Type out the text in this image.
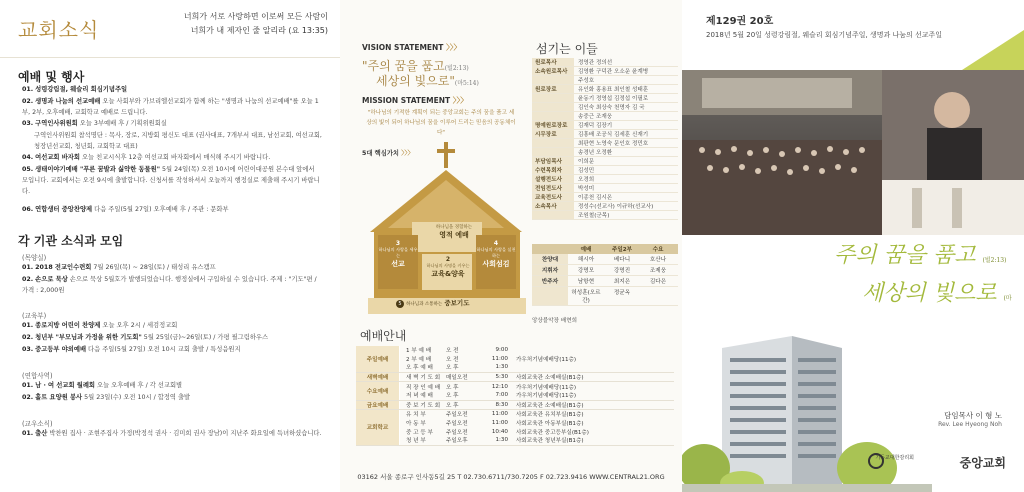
교회소식
너희가 서로 사랑하면 이로써 모든 사람이
너희가 내 제자인 줄 알리라 (요 13:35)
예배 및 행사
01. 성령강림절, 웨슬리 회심기념주일
02. 생명과 나눔의 선교예배 오늘 사회부와 가브리엘선교회가 함께 하는 "생명과 나눔의 선교예배"를 오늘 1부, 2부, 오후예배, 교회학교 예배로 드립니다.
03. 구역인사위원회 오늘 3부예배 후 / 기획위원회실
구역인사위원회 참석명단 : 목사, 장로, 지방회 평신도 대표 (권사대표, 7개부서 대표, 남선교회, 여선교회, 청장년선교회, 청년회, 교회학교 대표)
04. 여선교회 바자회 오늘 친교시식후 12층 여선교회 바자회에서 매식해 주시기 바랍니다.
05. 생태이야기예배 "푸른 꿈발과 싫약한 동물원" 5월 24일(목) 오전 10시에 어린이대공원 본수대 앞에서 모입니다. 교회에서는 오전 9시에 출발합니다. 신청서를 작성하셔서 오늘까지 행정실로 제출해 주시기 바랍니다.
06. 연합생터 중앙찬양제 다음 주일(5월 27일) 오후예배 후 / 주관 : 문화부
각 기관 소식과 모임
(목양실)
01. 2018 전교인수련회 7월 26일(목) ~ 28일(토) / 태성리 유스캠프
02. 손으로 묵상 손으로 묵상 5월호가 발행되었습니다. 행정실에서 구입하실 수 있습니다. 주제 : "기도"편 / 가격 : 2,000원
(교육부)
01. 종로지방 어린이 찬양제 오늘 오후 2시 / 세검정교회
02. 청년부 "부모님과 가정을 위한 기도회" 5월 25일(금)~26일(토) / 가평 필그림하우스
03. 중고등부 야외예배 다음 주일(5월 27일) 오전 10시 교회 출발 / 특성음원지
(연합사역)
01. 남 · 여 선교회 월례회 오늘 오후예배 후 / 각 선교회별
02. 홀트 요양원 봉사 5월 23일(수) 오전 10시 / 합정역 출발
(교우소식)
01. 출산 박찬원 집사 · 조현주집사 가정(박정석 권사 · 김미희 권사 장남)이 지난주 화요일에 득녀하셨습니다.
VISION STATEMENT 〉〉〉
"주의 꿈을 품고(빌2:13)
세상의 빛으로"(마5:14)
MISSION STATEMENT 〉〉〉
"하나님의 기적한 계획이 되는 중앙교회는 주의 꿈을 품고 세상의 빛이 되어 하나님의 꿈을 이루어 드리는 믿음의 공동체이다"
5대 핵심가치 〉〉〉
하나님을 경험하는
영적 예배
3
하나님의 사랑을 세우는
선교
2
하나님의 사명을 키우는
교육&양육
4
하나님의 사랑을 실천하는
사회섬김
5 하나님과 소통하는 중보기도
예배안내
주일예배
1 부 예 배	오 전	9:00
2 부 예 배	오 전	11:00	가우처기념예배당(11층)
오 후 예 배	오 후	1:30
새벽예배	새 벽 기 도 회	매일오전	5:30	사회교육관 소예배실(B1층)
수요예배
직 장 인 예 배	오 후	12:10	가우처기념예배당(11층)
저 녁 예 배	오 후	7:00	가우처기념예배당(11층)
금요예배	중 보 기 도 회	오 후	8:30	사회교육관 소예배실(B1층)
교회학교
유 치 부	주일오전	11:00	사회교육관 유치부실(B1층)
아 동 부	주일오전	11:00	사회교육관 아동부실(B1층)
중 고 등 부	주일오전	10:40	사회교육관 중고등부실(B1층)
청 년 부	주일오후	1:30	사회교육관 청년부실(B1층)
섬기는 이들
원로목사	정영관 정의선
소속원로목사	김영환 구덕관 오소운 윤계병
주성호
원로장로	유인화 홍용표 최인철 성태훈
윤동기 정영섭 김정섭 이필로
김인숙 최상숙 천명자 김 국
송중근 조재웅
명예원로장로	김재덕 김장기
시무장로	김흥배 조공식 김세훈 신재기
최판현 노영숙 문인호 정민호
송경년 오정환
부담임목사	이희문
수련목회자	김성민
설행전도사	오경희
전임전도사	박성미
교육전도사	이종천 김시온
소속목사	정성수(선교사) 이규하(선교사)
조원철(군목)
예배	주일2부	수요
찬양대	해시아	베다니	호산나
지휘자	강명모	강명진	조제웅
반주자	남항현	최지은	김다은
허성훈(오르간)
정균옥
앙상블악장 배현희
03162 서울 종로구 인사동5길 25 T 02.730.6711/730.7205 F 02.723.9416 WWW.CENTRAL21.ORG
제129권 20호
2018년 5월 20일 성령강림절, 웨슬리 회심기념주일, 생명과 나눔의 선교주일
주의 꿈을 품고 (빌2:13)
세상의 빛으로 (마
담임목사 이 형 노
Rev. Lee Hyeong Noh
기독교대한감리회	중앙교회
